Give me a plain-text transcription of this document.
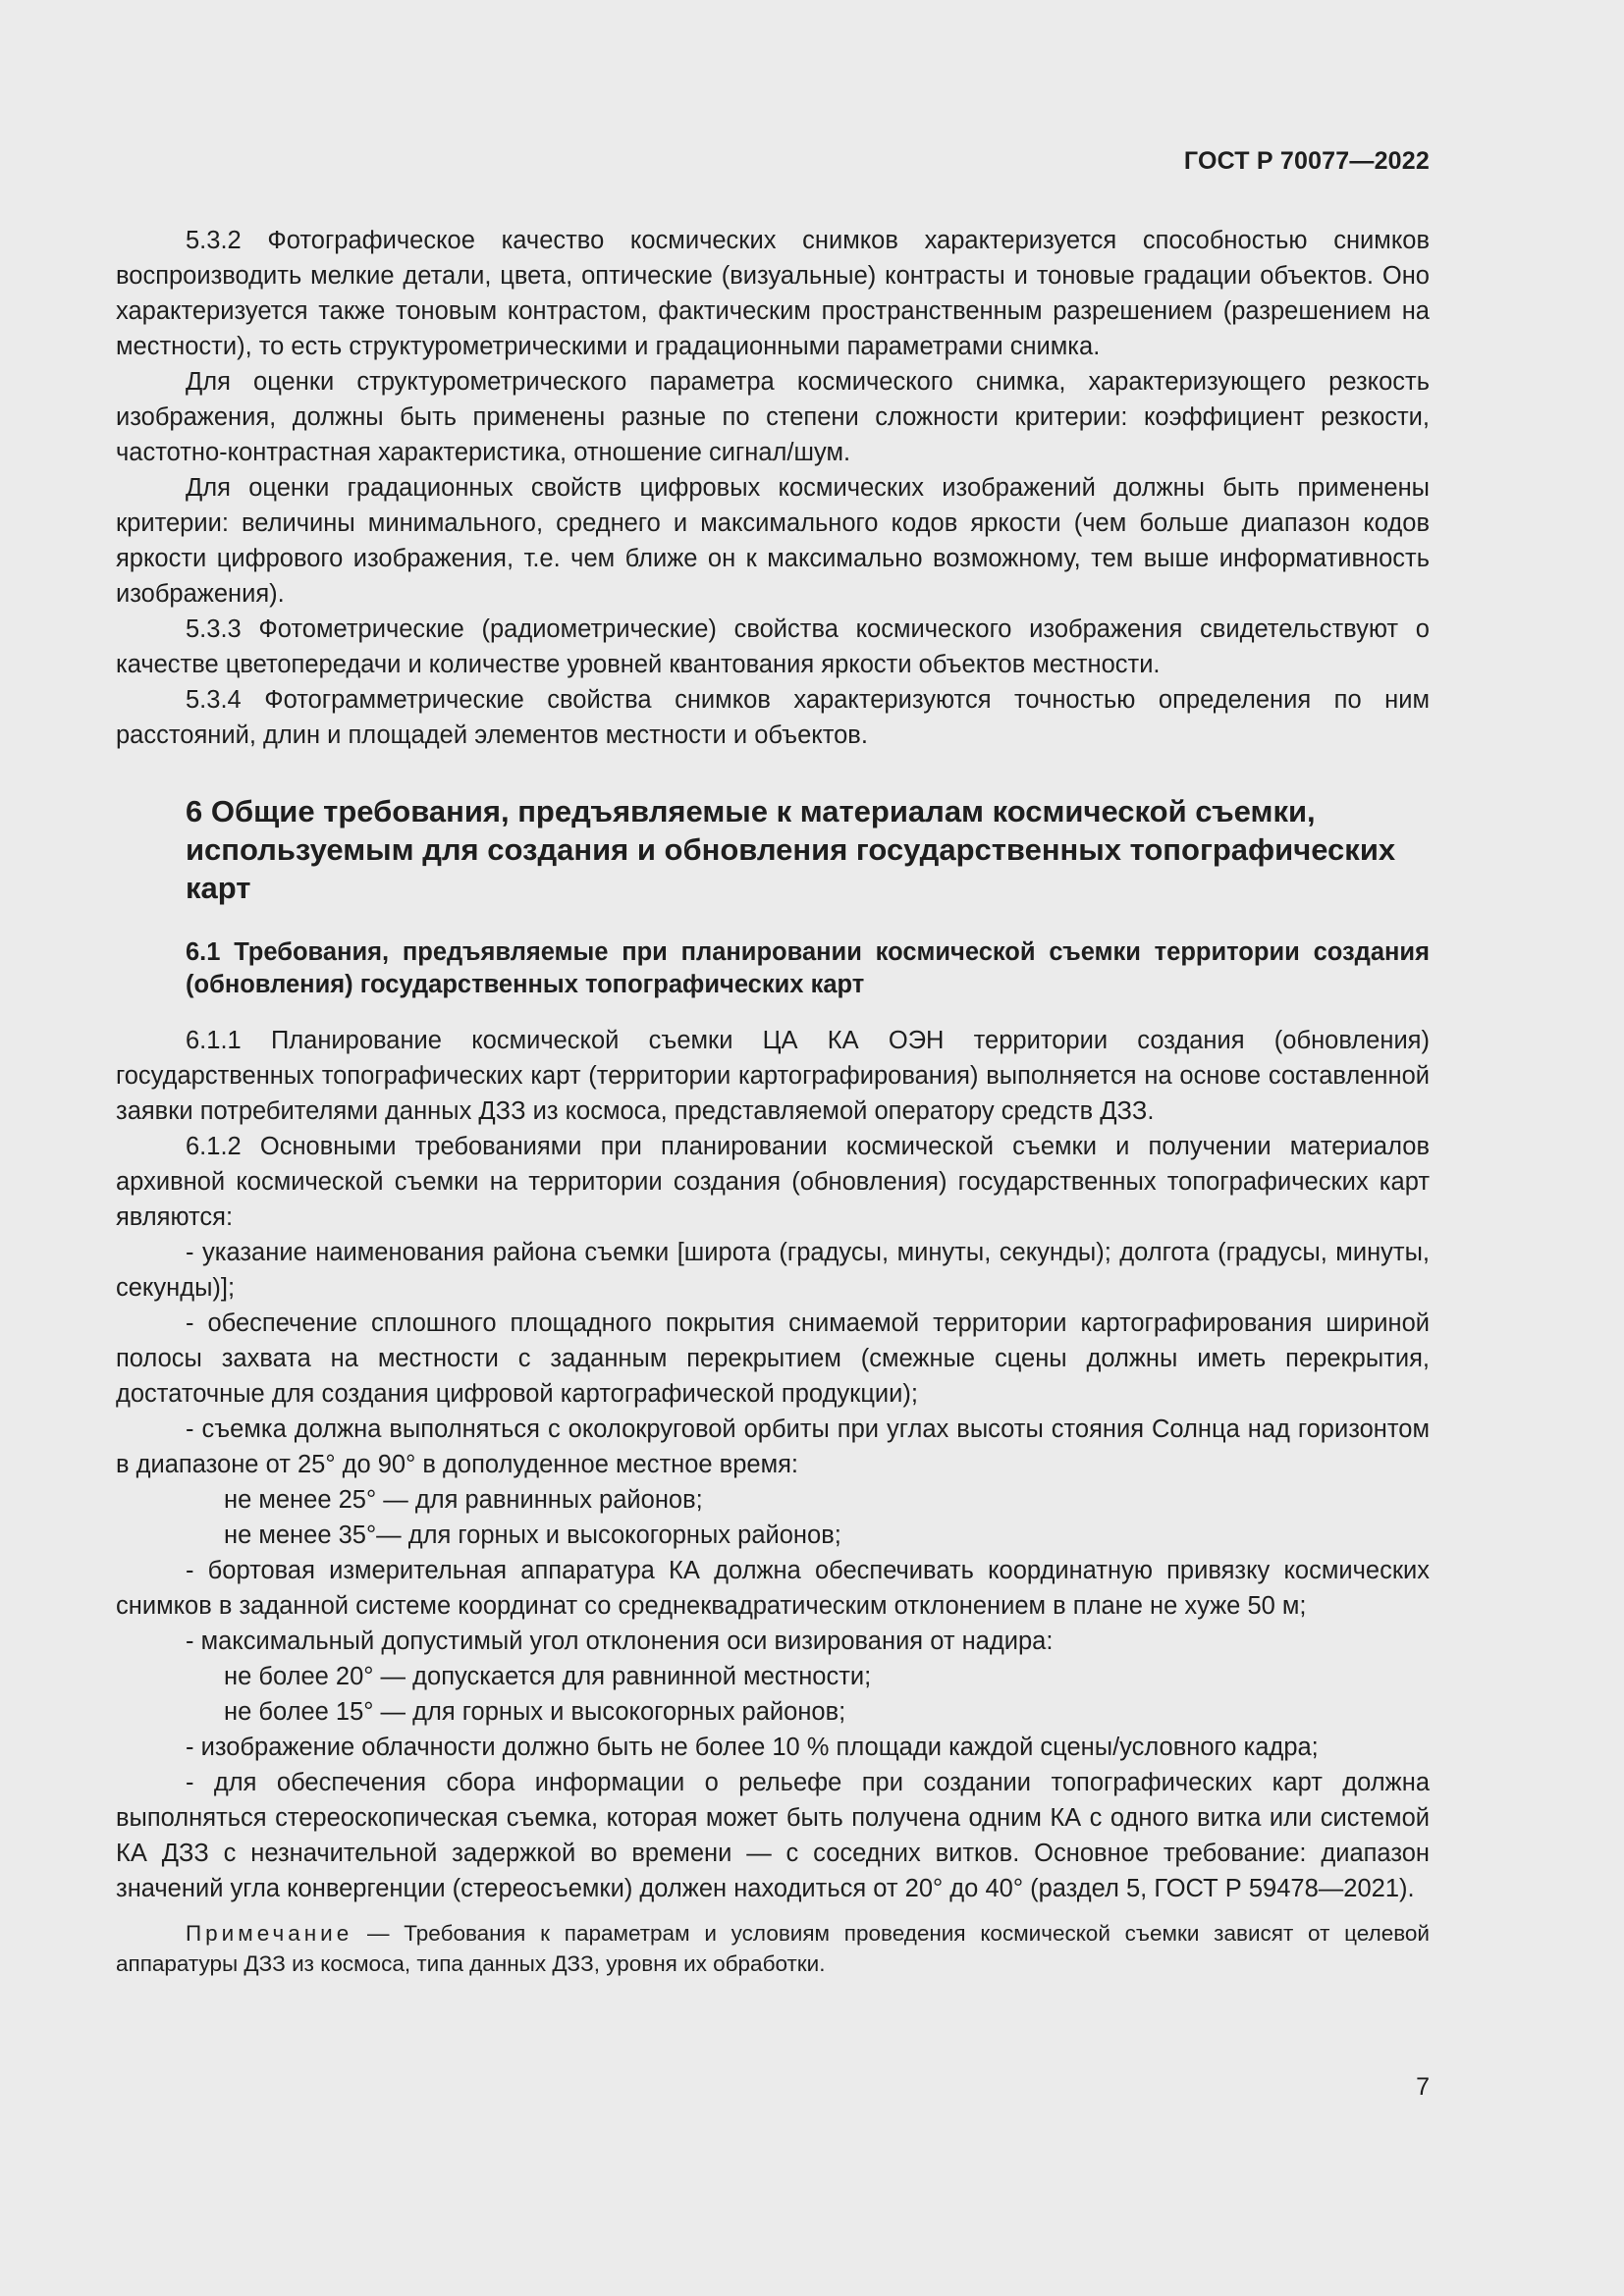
ГОСТ Р 70077—2022

5.3.2 Фотографическое качество космических снимков характеризуется способностью снимков воспроизводить мелкие детали, цвета, оптические (визуальные) контрасты и тоновые градации объектов. Оно характеризуется также тоновым контрастом, фактическим пространственным разрешением (разрешением на местности), то есть структурометрическими и градационными параметрами снимка.

Для оценки структурометрического параметра космического снимка, характеризующего резкость изображения, должны быть применены разные по степени сложности критерии: коэффициент резкости, частотно-контрастная характеристика, отношение сигнал/шум.

Для оценки градационных свойств цифровых космических изображений должны быть применены критерии: величины минимального, среднего и максимального кодов яркости (чем больше диапазон кодов яркости цифрового изображения, т.е. чем ближе он к максимально возможному, тем выше информативность изображения).

5.3.3 Фотометрические (радиометрические) свойства космического изображения свидетельствуют о качестве цветопередачи и количестве уровней квантования яркости объектов местности.

5.3.4 Фотограмметрические свойства снимков характеризуются точностью определения по ним расстояний, длин и площадей элементов местности и объектов.

6 Общие требования, предъявляемые к материалам космической съемки, используемым для создания и обновления государственных топографических карт
6.1 Требования, предъявляемые при планировании космической съемки территории создания (обновления) государственных топографических карт

6.1.1 Планирование космической съемки ЦА КА ОЭН территории создания (обновления) государственных топографических карт (территории картографирования) выполняется на основе составленной заявки потребителями данных ДЗЗ из космоса, представляемой оператору средств ДЗЗ.

6.1.2 Основными требованиями при планировании космической съемки и получении материалов архивной космической съемки на территории создания (обновления) государственных топографических карт являются:

- указание наименования района съемки [широта (градусы, минуты, секунды); долгота (градусы, минуты, секунды)];

- обеспечение сплошного площадного покрытия снимаемой территории картографирования шириной полосы захвата на местности с заданным перекрытием (смежные сцены должны иметь перекрытия, достаточные для создания цифровой картографической продукции);

- съемка должна выполняться с околокруговой орбиты при углах высоты стояния Солнца над горизонтом в диапазоне от 25° до 90° в дополуденное местное время:

не менее 25° — для равнинных районов;
не менее 35°— для горных и высокогорных районов;

- бортовая измерительная аппаратура КА должна обеспечивать координатную привязку космических снимков в заданной системе координат со среднеквадратическим отклонением в плане не хуже 50 м;

- максимальный допустимый угол отклонения оси визирования от надира:

не более 20° — допускается для равнинной местности;
не более 15° — для горных и высокогорных районов;

- изображение облачности должно быть не более 10 % площади каждой сцены/условного кадра;

- для обеспечения сбора информации о рельефе при создании топографических карт должна выполняться стереоскопическая съемка, которая может быть получена одним КА с одного витка или системой КА ДЗЗ с незначительной задержкой во времени — с соседних витков. Основное требование: диапазон значений угла конвергенции (стереосъемки) должен находиться от 20° до 40° (раздел 5, ГОСТ Р 59478—2021).

Примечание — Требования к параметрам и условиям проведения космической съемки зависят от целевой аппаратуры ДЗЗ из космоса, типа данных ДЗЗ, уровня их обработки.
7
